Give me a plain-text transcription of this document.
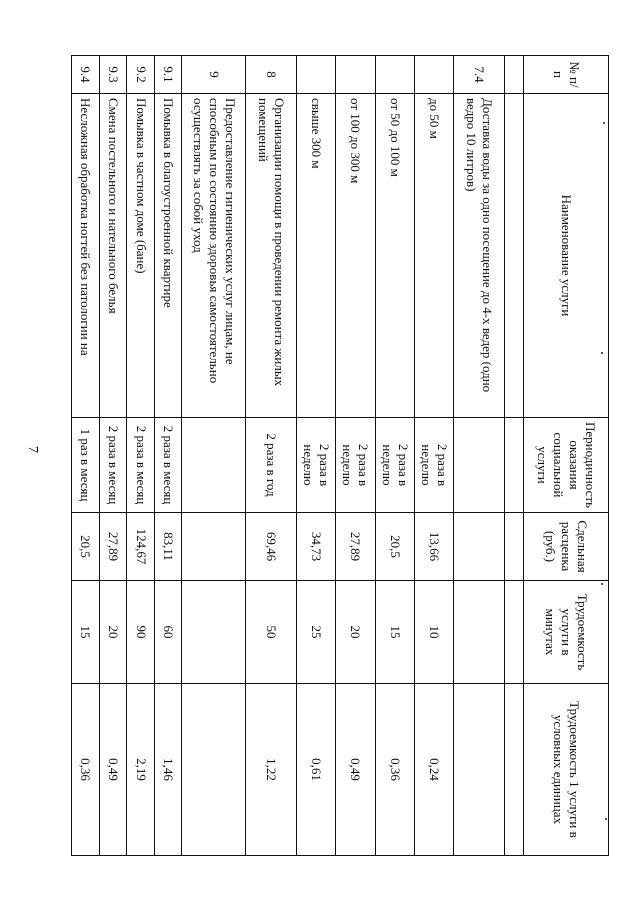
7
№ п/п	Наименование услуги	Периодичность оказания социальной услуги	Сдельная расценка (руб.)	Трудоемкость услуги в минутах	Трудоемкость 1 услуги в условных единицах

7.4	Доставка воды за одно посещение до 4-х ведер (одно ведро 10 литров)				
	до 50 м	2 раза в неделю	13,66	10	0,24
	от 50 до 100 м	2 раза в неделю	20,5	15	0,36
	от 100 до 300 м	2 раза в неделю	27,89	20	0,49
	свыше 300 м	2 раза в неделю	34,73	25	0,61
8	Организации помощи в проведении ремонта жилых помещений	2 раза в год	69,46	50	1,22
9	Предоставление гигиенических услуг лицам, не способным по состоянию здоровья самостоятельно осуществлять за собой уход				
9.1	Помывка в благоустроенной квартире	2 раза в месяц	83,11	60	1,46
9.2	Помывка в частном доме (бане)	2 раза в месяц	124,67	90	2,19
9.3	Смена постельного и нательного белья	2 раза в месяц	27,89	20	0,49
9.4	Несложная обработка ногтей без патологии на	1 раз в месяц	20,5	15	0,36
